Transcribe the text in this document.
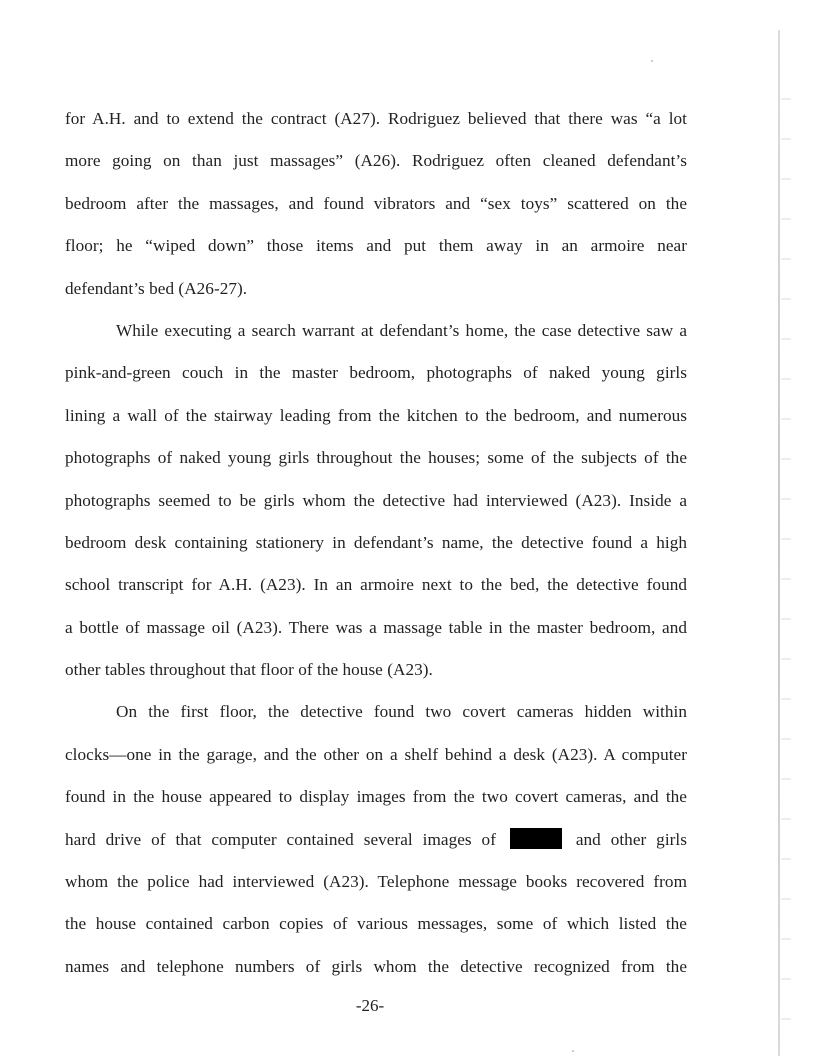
for A.H. and to extend the contract (A27). Rodriguez believed that there was “a lot
more going on than just massages” (A26). Rodriguez often cleaned defendant’s
bedroom after the massages, and found vibrators and “sex toys” scattered on the
floor; he “wiped down” those items and put them away in an armoire near
defendant’s bed (A26-27).
While executing a search warrant at defendant’s home, the case detective saw a
pink-and-green couch in the master bedroom, photographs of naked young girls
lining a wall of the stairway leading from the kitchen to the bedroom, and numerous
photographs of naked young girls throughout the houses; some of the subjects of the
photographs seemed to be girls whom the detective had interviewed (A23). Inside a
bedroom desk containing stationery in defendant’s name, the detective found a high
school transcript for A.H. (A23). In an armoire next to the bed, the detective found
a bottle of massage oil (A23). There was a massage table in the master bedroom, and
other tables throughout that floor of the house (A23).
On the first floor, the detective found two covert cameras hidden within
clocks—one in the garage, and the other on a shelf behind a desk (A23). A computer
found in the house appeared to display images from the two covert cameras, and the
hard drive of that computer contained several images of	and other girls
whom the police had interviewed (A23). Telephone message books recovered from
the house contained carbon copies of various messages, some of which listed the
names and telephone numbers of girls whom the detective recognized from the
-26-
